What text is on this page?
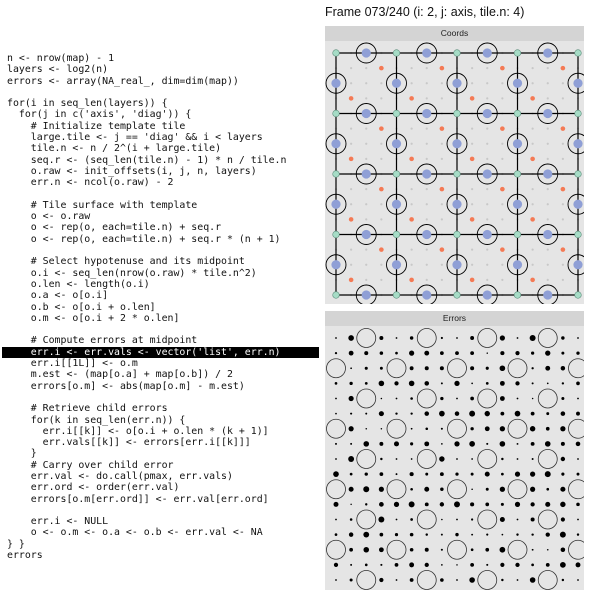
Frame 073/240 (i: 2, j: axis, tile.n: 4)
n <- nrow(map) - 1
layers <- log2(n)
errors <- array(NA_real_, dim=dim(map))
for(i in seq_len(layers)) {
for(j in c('axis', 'diag')) {
# Initialize template tile
large.tile <- j == 'diag' && i < layers
tile.n <- n / 2^(i + large.tile)
seq.r <- (seq_len(tile.n) - 1) * n / tile.n
o.raw <- init_offsets(i, j, n, layers)
err.n <- ncol(o.raw) - 2
# Tile surface with template
o <- o.raw
o <- rep(o, each=tile.n) + seq.r
o <- rep(o, each=tile.n) + seq.r * (n + 1)
# Select hypotenuse and its midpoint
o.i <- seq_len(nrow(o.raw) * tile.n^2)
o.len <- length(o.i)
o.a <- o[o.i]
o.b <- o[o.i + o.len]
o.m <- o[o.i + 2 * o.len]
# Compute errors at midpoint
err.i <- err.vals <- vector('list', err.n)
err.i[[1L]] <- o.m
m.est <- (map[o.a] + map[o.b]) / 2
errors[o.m] <- abs(map[o.m] - m.est)
# Retrieve child errors
for(k in seq_len(err.n)) {
err.i[[k]] <- o[o.i + o.len * (k + 1)]
err.vals[[k]] <- errors[err.i[[k]]]
}
# Carry over child error
err.val <- do.call(pmax, err.vals)
err.ord <- order(err.val)
errors[o.m[err.ord]] <- err.val[err.ord]
err.i <- NULL
o <- o.m <- o.a <- o.b <- err.val <- NA
} }
errors
Coords
Errors
